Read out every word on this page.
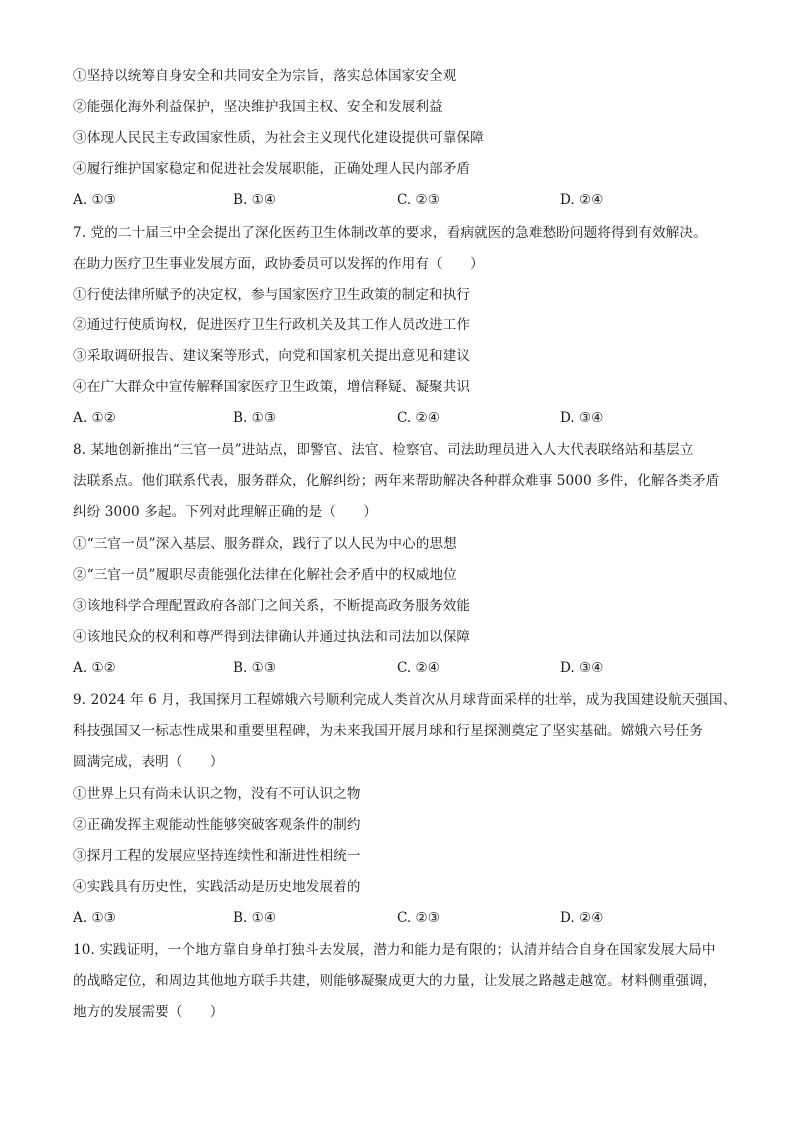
①坚持以统筹自身安全和共同安全为宗旨，落实总体国家安全观
②能强化海外利益保护，坚决维护我国主权、安全和发展利益
③体现人民民主专政国家性质，为社会主义现代化建设提供可靠保障
④履行维护国家稳定和促进社会发展职能，正确处理人民内部矛盾
A. ①③	B. ①④	C. ②③	D. ②④
7. 党的二十届三中全会提出了深化医药卫生体制改革的要求，看病就医的急难愁盼问题将得到有效解决。
在助力医疗卫生事业发展方面，政协委员可以发挥的作用有（　　）
①行使法律所赋予的决定权，参与国家医疗卫生政策的制定和执行
②通过行使质询权，促进医疗卫生行政机关及其工作人员改进工作
③采取调研报告、建议案等形式，向党和国家机关提出意见和建议
④在广大群众中宣传解释国家医疗卫生政策，增信释疑、凝聚共识
A. ①②	B. ①③	C. ②④	D. ③④
8. 某地创新推出“三官一员”进站点，即警官、法官、检察官、司法助理员进入人大代表联络站和基层立
法联系点。他们联系代表，服务群众，化解纠纷；两年来帮助解决各种群众难事 5000 多件，化解各类矛盾
纠纷 3000 多起。下列对此理解正确的是（　　）
①“三官一员”深入基层、服务群众，践行了以人民为中心的思想
②“三官一员”履职尽责能强化法律在化解社会矛盾中的权威地位
③该地科学合理配置政府各部门之间关系，不断提高政务服务效能
④该地民众的权利和尊严得到法律确认并通过执法和司法加以保障
A. ①②	B. ①③	C. ②④	D. ③④
9. 2024 年 6 月，我国探月工程嫦娥六号顺利完成人类首次从月球背面采样的壮举，成为我国建设航天强国、
科技强国又一标志性成果和重要里程碑，为未来我国开展月球和行星探测奠定了坚实基础。嫦娥六号任务
圆满完成，表明（　　）
①世界上只有尚未认识之物，没有不可认识之物
②正确发挥主观能动性能够突破客观条件的制约
③探月工程的发展应坚持连续性和渐进性相统一
④实践具有历史性，实践活动是历史地发展着的
A. ①③	B. ①④	C. ②③	D. ②④
10. 实践证明，一个地方靠自身单打独斗去发展，潜力和能力是有限的；认清并结合自身在国家发展大局中
的战略定位，和周边其他地方联手共建，则能够凝聚成更大的力量，让发展之路越走越宽。材料侧重强调，
地方的发展需要（　　）
